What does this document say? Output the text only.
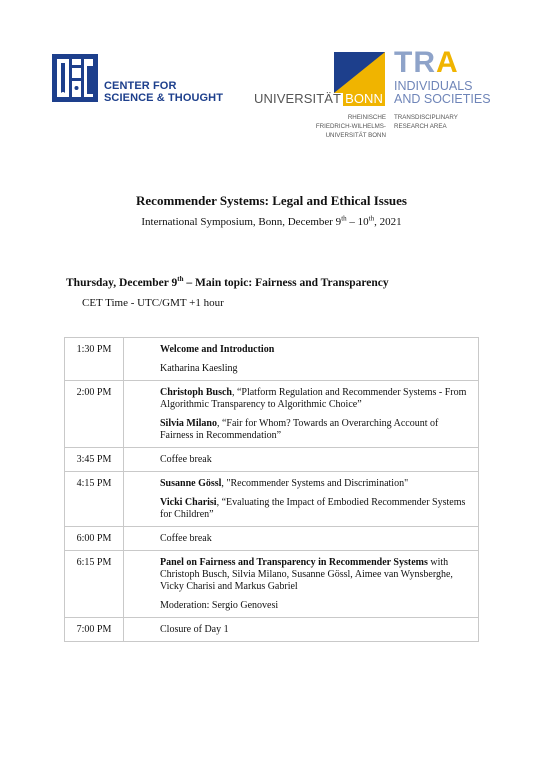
CENTER FOR
SCIENCE & THOUGHT UNIVERSITÄT BONN
RHEINISCHE
FRIEDRICH-WILHELMS-
UNIVERSITÄT BONN
TRA
INDIVIDUALS
AND SOCIETIES
TRANSDISCIPLINARY
RESEARCH AREA
Recommender Systems: Legal and Ethical Issues
International Symposium, Bonn, December 9th – 10th, 2021
Thursday, December 9th – Main topic: Fairness and Transparency
CET Time - UTC/GMT +1 hour
1:30 PM	Welcome and Introduction

Katharina Kaesling

2:00 PM	Christoph Busch, “Platform Regulation and Recommender Systems - From Algorithmic Transparency to Algorithmic Choice”

Silvia Milano, “Fair for Whom? Towards an Overarching Account of Fairness in Recommendation”

3:45 PM	Coffee break
4:15 PM	Susanne Gössl, "Recommender Systems and Discrimination"

Vicki Charisi, “Evaluating the Impact of Embodied Recommender Systems for Children”

6:00 PM	Coffee break
6:15 PM	Panel on Fairness and Transparency in Recommender Systems with Christoph Busch, Silvia Milano, Susanne Gössl, Aimee van Wynsberghe, Vicky Charisi and Markus Gabriel

Moderation: Sergio Genovesi

7:00 PM	Closure of Day 1
